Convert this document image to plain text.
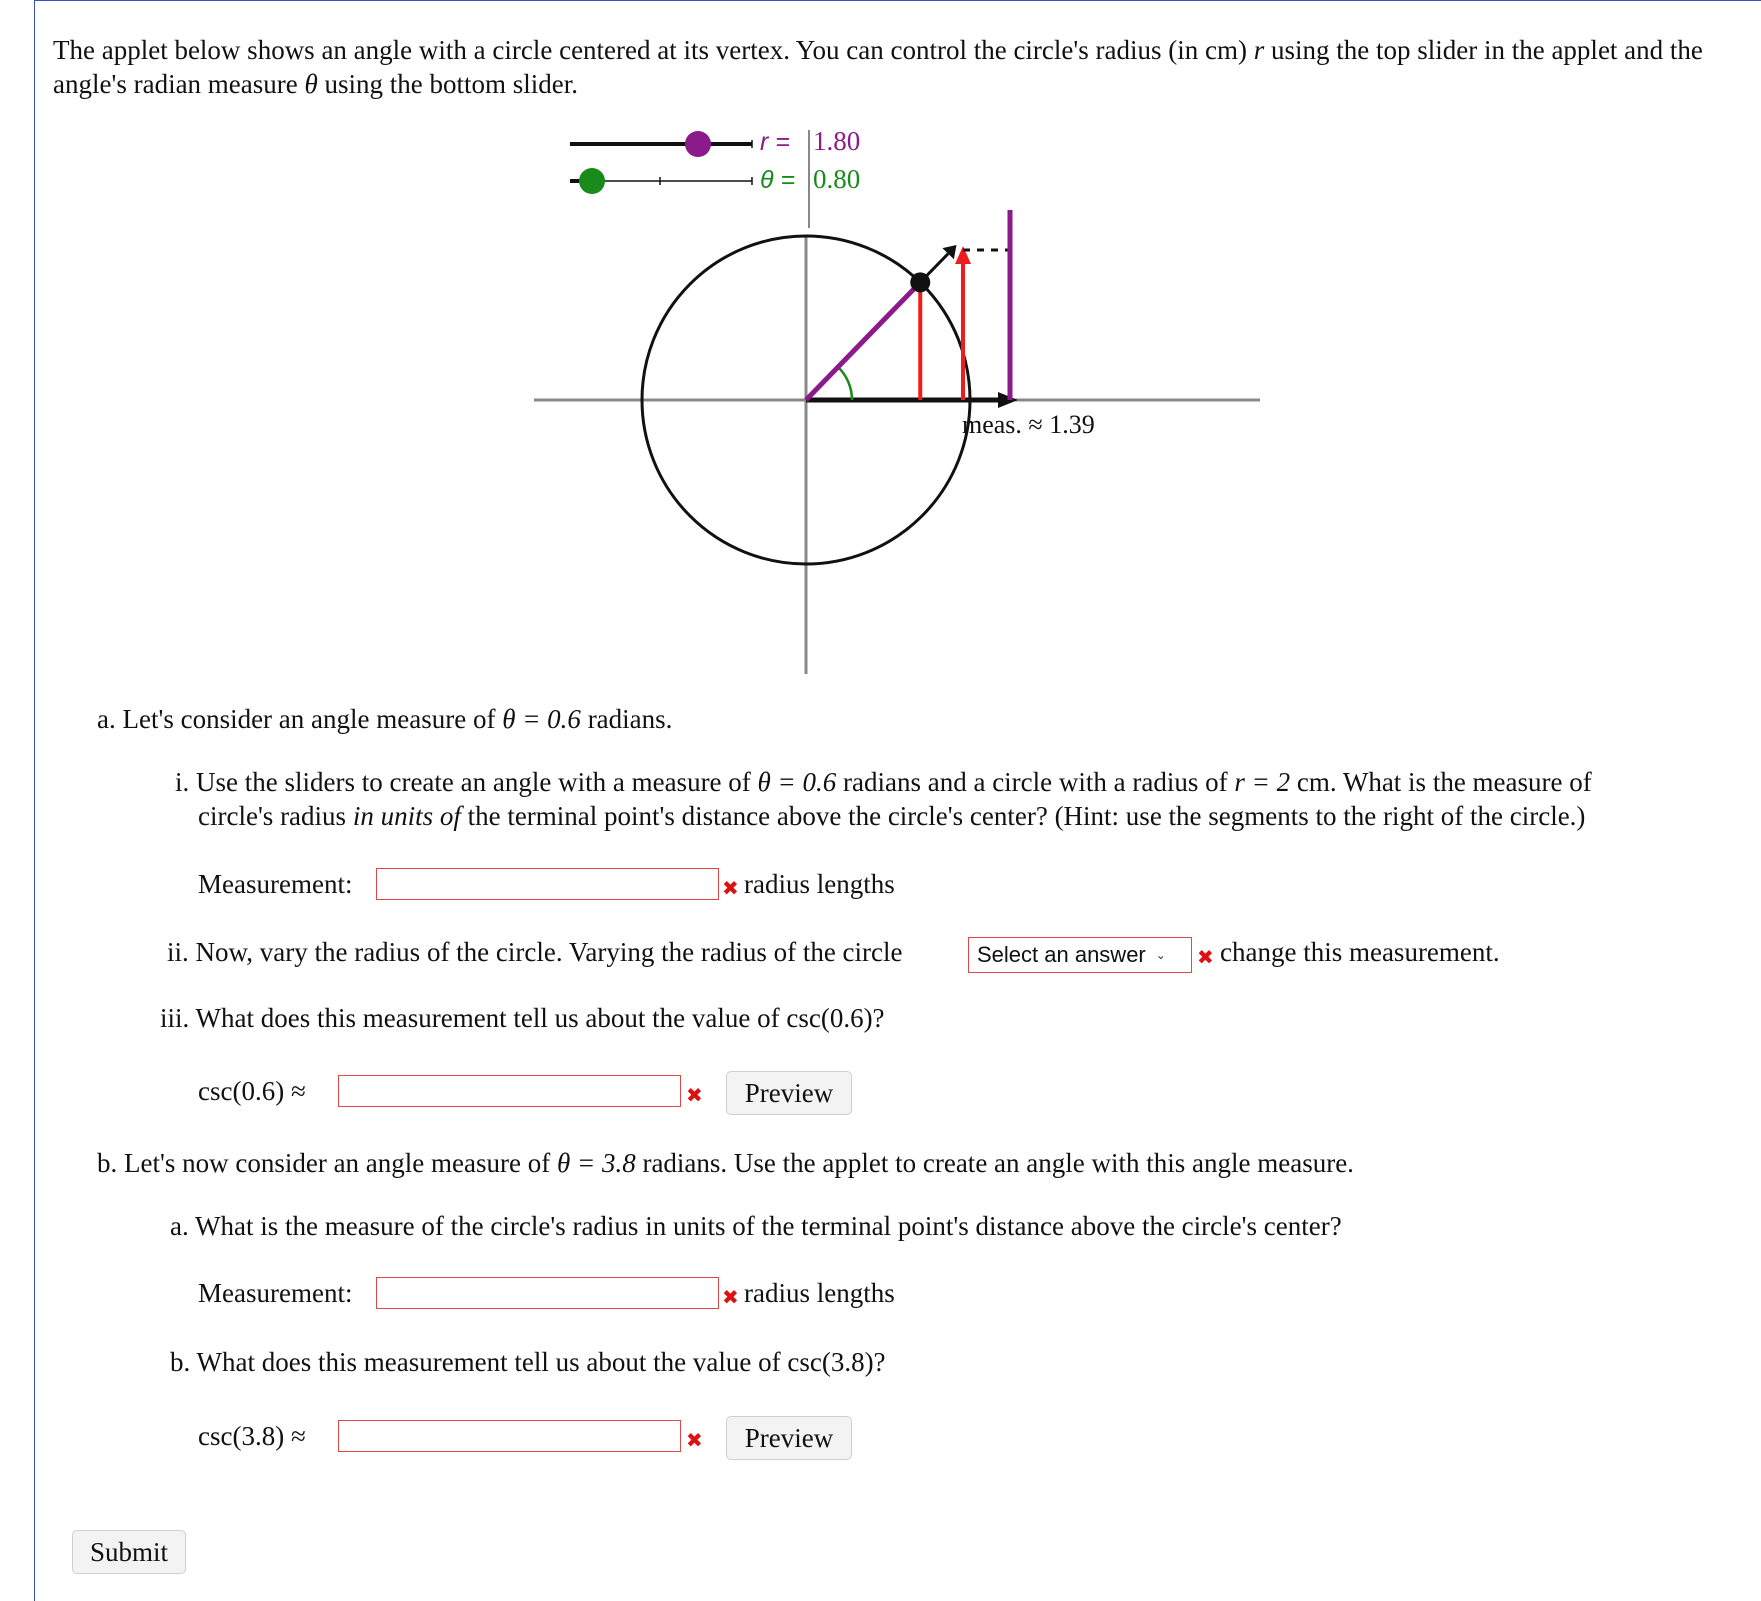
The applet below shows an angle with a circle centered at its vertex. You can control the circle's radius (in cm) r using the top slider in the applet and the angle's radian measure θ using the bottom slider.
r = 1.80
θ = 0.80
meas. ≈ 1.39
a. Let's consider an angle measure of θ = 0.6 radians.
i. Use the sliders to create an angle with a measure of θ = 0.6 radians and a circle with a radius of r = 2 cm. What is the measure of
circle's radius in units of the terminal point's distance above the circle's center? (Hint: use the segments to the right of the circle.)
Measurement:	✖ radius lengths
ii. Now, vary the radius of the circle. Varying the radius of the circle	Select an answer ⌄ ✖ change this measurement.
iii. What does this measurement tell us about the value of csc(0.6)?
csc(0.6) ≈	✖	Preview
b. Let's now consider an angle measure of θ = 3.8 radians. Use the applet to create an angle with this angle measure.
a. What is the measure of the circle's radius in units of the terminal point's distance above the circle's center?
Measurement:	✖ radius lengths
b. What does this measurement tell us about the value of csc(3.8)?
csc(3.8) ≈	✖	Preview
Submit
